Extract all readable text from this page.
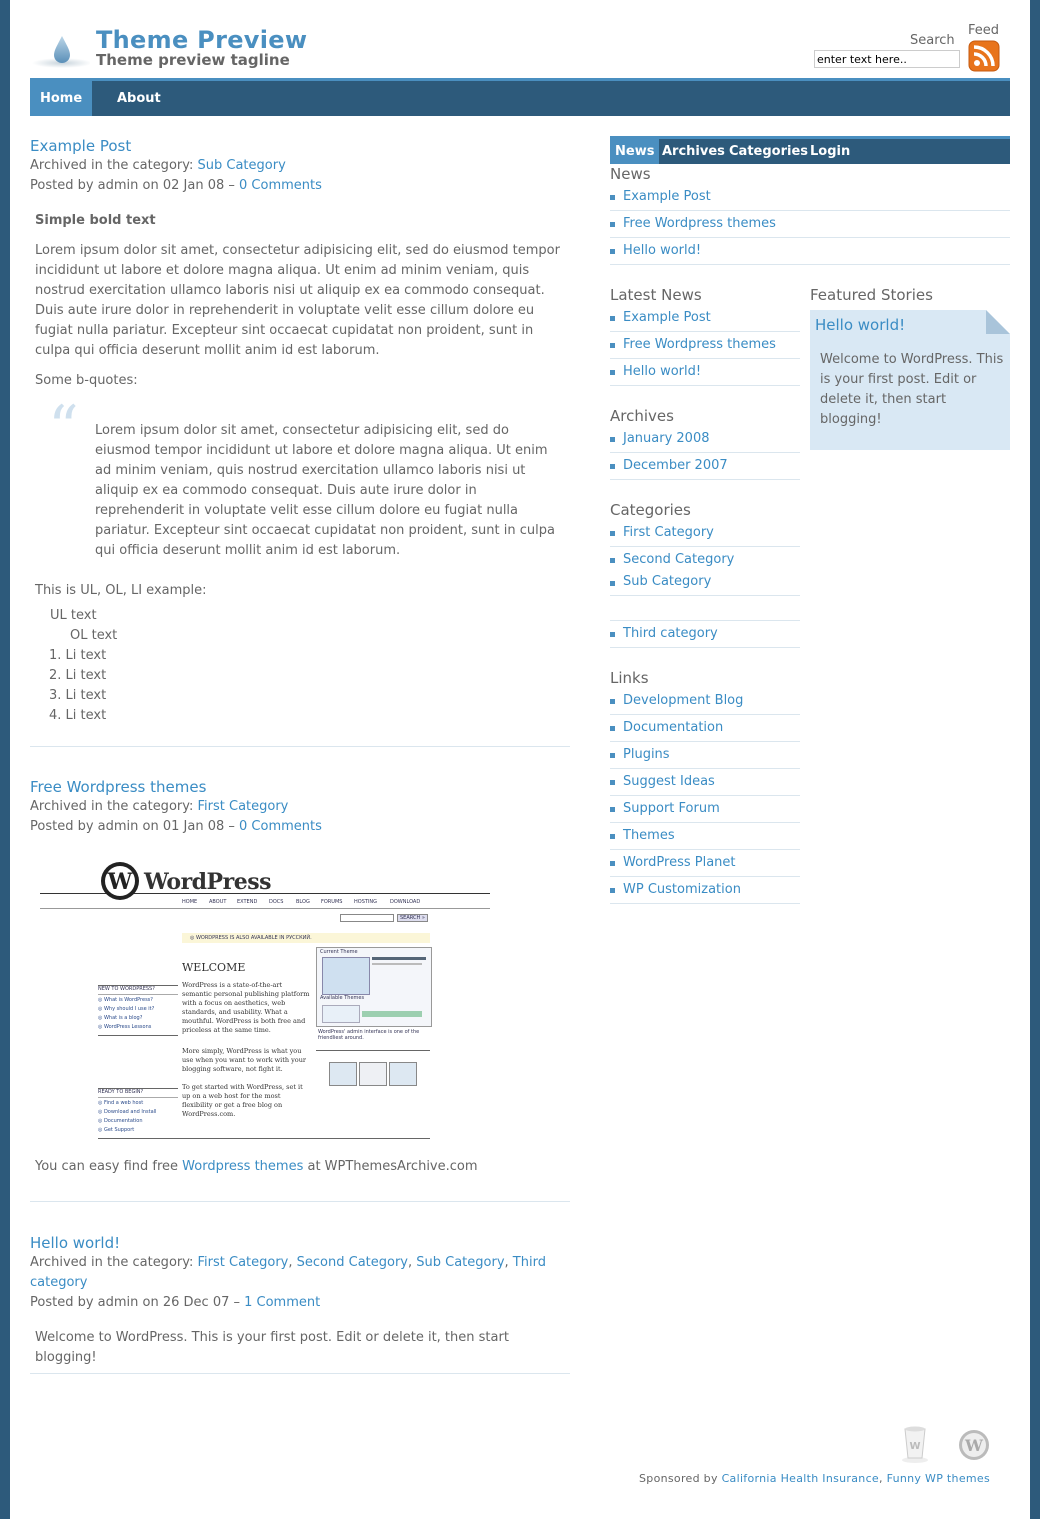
Theme Preview
Theme preview tagline
Search
enter text here..
Feed
Home	About
Example Post
Archived in the category: Sub Category
Posted by admin on 02 Jan 08 – 0 Comments
Simple bold text
Lorem ipsum dolor sit amet, consectetur adipisicing elit, sed do eiusmod tempor incididunt ut labore et dolore magna aliqua. Ut enim ad minim veniam, quis nostrud exercitation ullamco laboris nisi ut aliquip ex ea commodo consequat. Duis aute irure dolor in reprehenderit in voluptate velit esse cillum dolore eu fugiat nulla pariatur. Excepteur sint occaecat cupidatat non proident, sunt in culpa qui officia deserunt mollit anim id est laborum.
Some b-quotes:
“ Lorem ipsum dolor sit amet, consectetur adipisicing elit, sed do eiusmod tempor incididunt ut labore et dolore magna aliqua. Ut enim ad minim veniam, quis nostrud exercitation ullamco laboris nisi ut aliquip ex ea commodo consequat. Duis aute irure dolor in reprehenderit in voluptate velit esse cillum dolore eu fugiat nulla pariatur. Excepteur sint occaecat cupidatat non proident, sunt in culpa qui officia deserunt mollit anim id est laborum.
This is UL, OL, LI example:
UL text
OL text
1. Li text
2. Li text
3. Li text
4. Li text
Free Wordpress themes
Archived in the category: First Category
Posted by admin on 01 Jan 08 – 0 Comments
You can easy find free Wordpress themes at WPThemesArchive.com
Hello world!
Archived in the category: First Category, Second Category, Sub Category, Third
category
Posted by admin on 26 Dec 07 – 1 Comment
Welcome to WordPress. This is your first post. Edit or delete it, then start blogging!
W WordPress
HOME ABOUT EXTEND DOCS	BLOG FORUMS HOSTING	DOWNLOAD
SEARCH »
◎ WORDPRESS IS ALSO AVAILABLE IN РУССКИЙ.
WELCOME
WordPress is a state-of-the-art semantic personal publishing platform with a focus on aesthetics, web standards, and usability. What a mouthful. WordPress is both free and priceless at the same time.
More simply, WordPress is what you use when you want to work with your blogging software, not fight it.
To get started with WordPress, set it up on a web host for the most flexibility or get a free blog on WordPress.com.
NEW TO WORDPRESS?
◎ What is WordPress?
◎ Why should I use it?
◎ What is a blog?
◎ WordPress Lessons
READY TO BEGIN?
◎ Find a web host
◎ Download and Install
◎ Documentation
◎ Get Support
Current Theme
Available Themes
WordPress' admin interface is one of the friendliest around.
News Archives Categories Login
News
Example Post
Free Wordpress themes
Hello world!
Latest News
Example Post
Free Wordpress themes
Hello world!
Archives
January 2008
December 2007
Categories
First Category
Second Category
Sub Category
Third category
Links
Development Blog
Documentation
Plugins
Suggest Ideas
Support Forum
Themes
WordPress Planet
WP Customization
Featured Stories
Hello world!
Welcome to WordPress. This is your first post. Edit or delete it, then start blogging!
W	W
Sponsored by California Health Insurance, Funny WP themes
